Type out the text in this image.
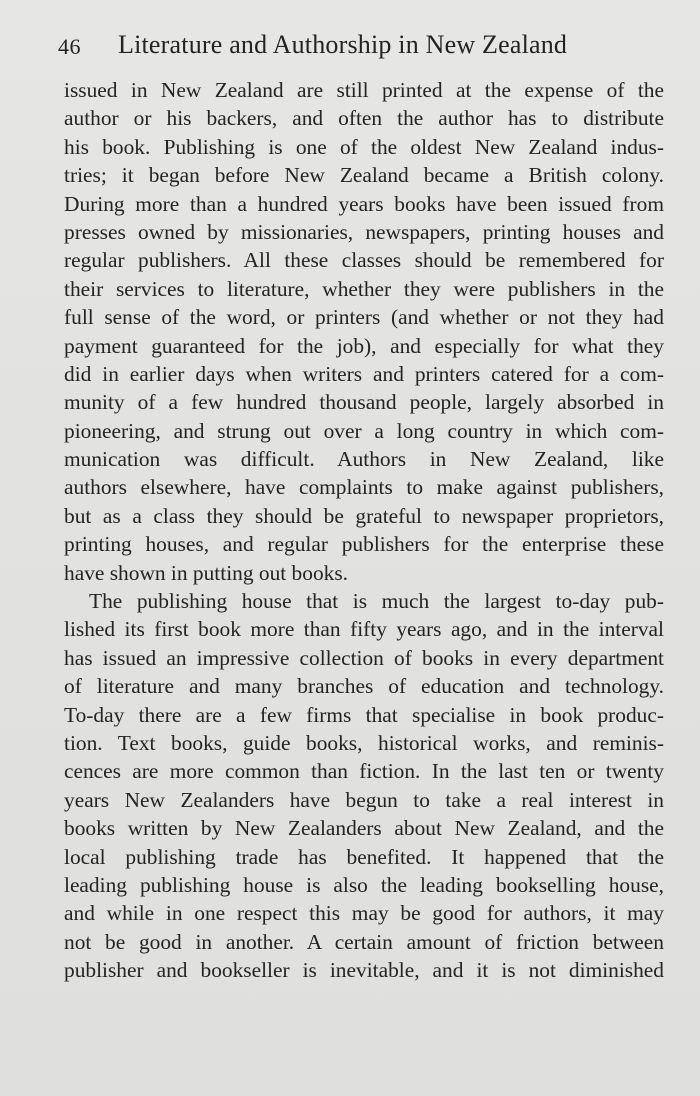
46 Literature and Authorship in New Zealand
issued in New Zealand are still printed at the expense of the
author or his backers, and often the author has to distribute
his book. Publishing is one of the oldest New Zealand indus-
tries; it began before New Zealand became a British colony.
During more than a hundred years books have been issued from
presses owned by missionaries, newspapers, printing houses and
regular publishers. All these classes should be remembered for
their services to literature, whether they were publishers in the
full sense of the word, or printers (and whether or not they had
payment guaranteed for the job), and especially for what they
did in earlier days when writers and printers catered for a com-
munity of a few hundred thousand people, largely absorbed in
pioneering, and strung out over a long country in which com-
munication was difficult. Authors in New Zealand, like
authors elsewhere, have complaints to make against publishers,
but as a class they should be grateful to newspaper proprietors,
printing houses, and regular publishers for the enterprise these
have shown in putting out books.
The publishing house that is much the largest to-day pub-
lished its first book more than fifty years ago, and in the interval
has issued an impressive collection of books in every department
of literature and many branches of education and technology.
To-day there are a few firms that specialise in book produc-
tion. Text books, guide books, historical works, and reminis-
cences are more common than fiction. In the last ten or twenty
years New Zealanders have begun to take a real interest in
books written by New Zealanders about New Zealand, and the
local publishing trade has benefited. It happened that the
leading publishing house is also the leading bookselling house,
and while in one respect this may be good for authors, it may
not be good in another. A certain amount of friction between
publisher and bookseller is inevitable, and it is not diminished
